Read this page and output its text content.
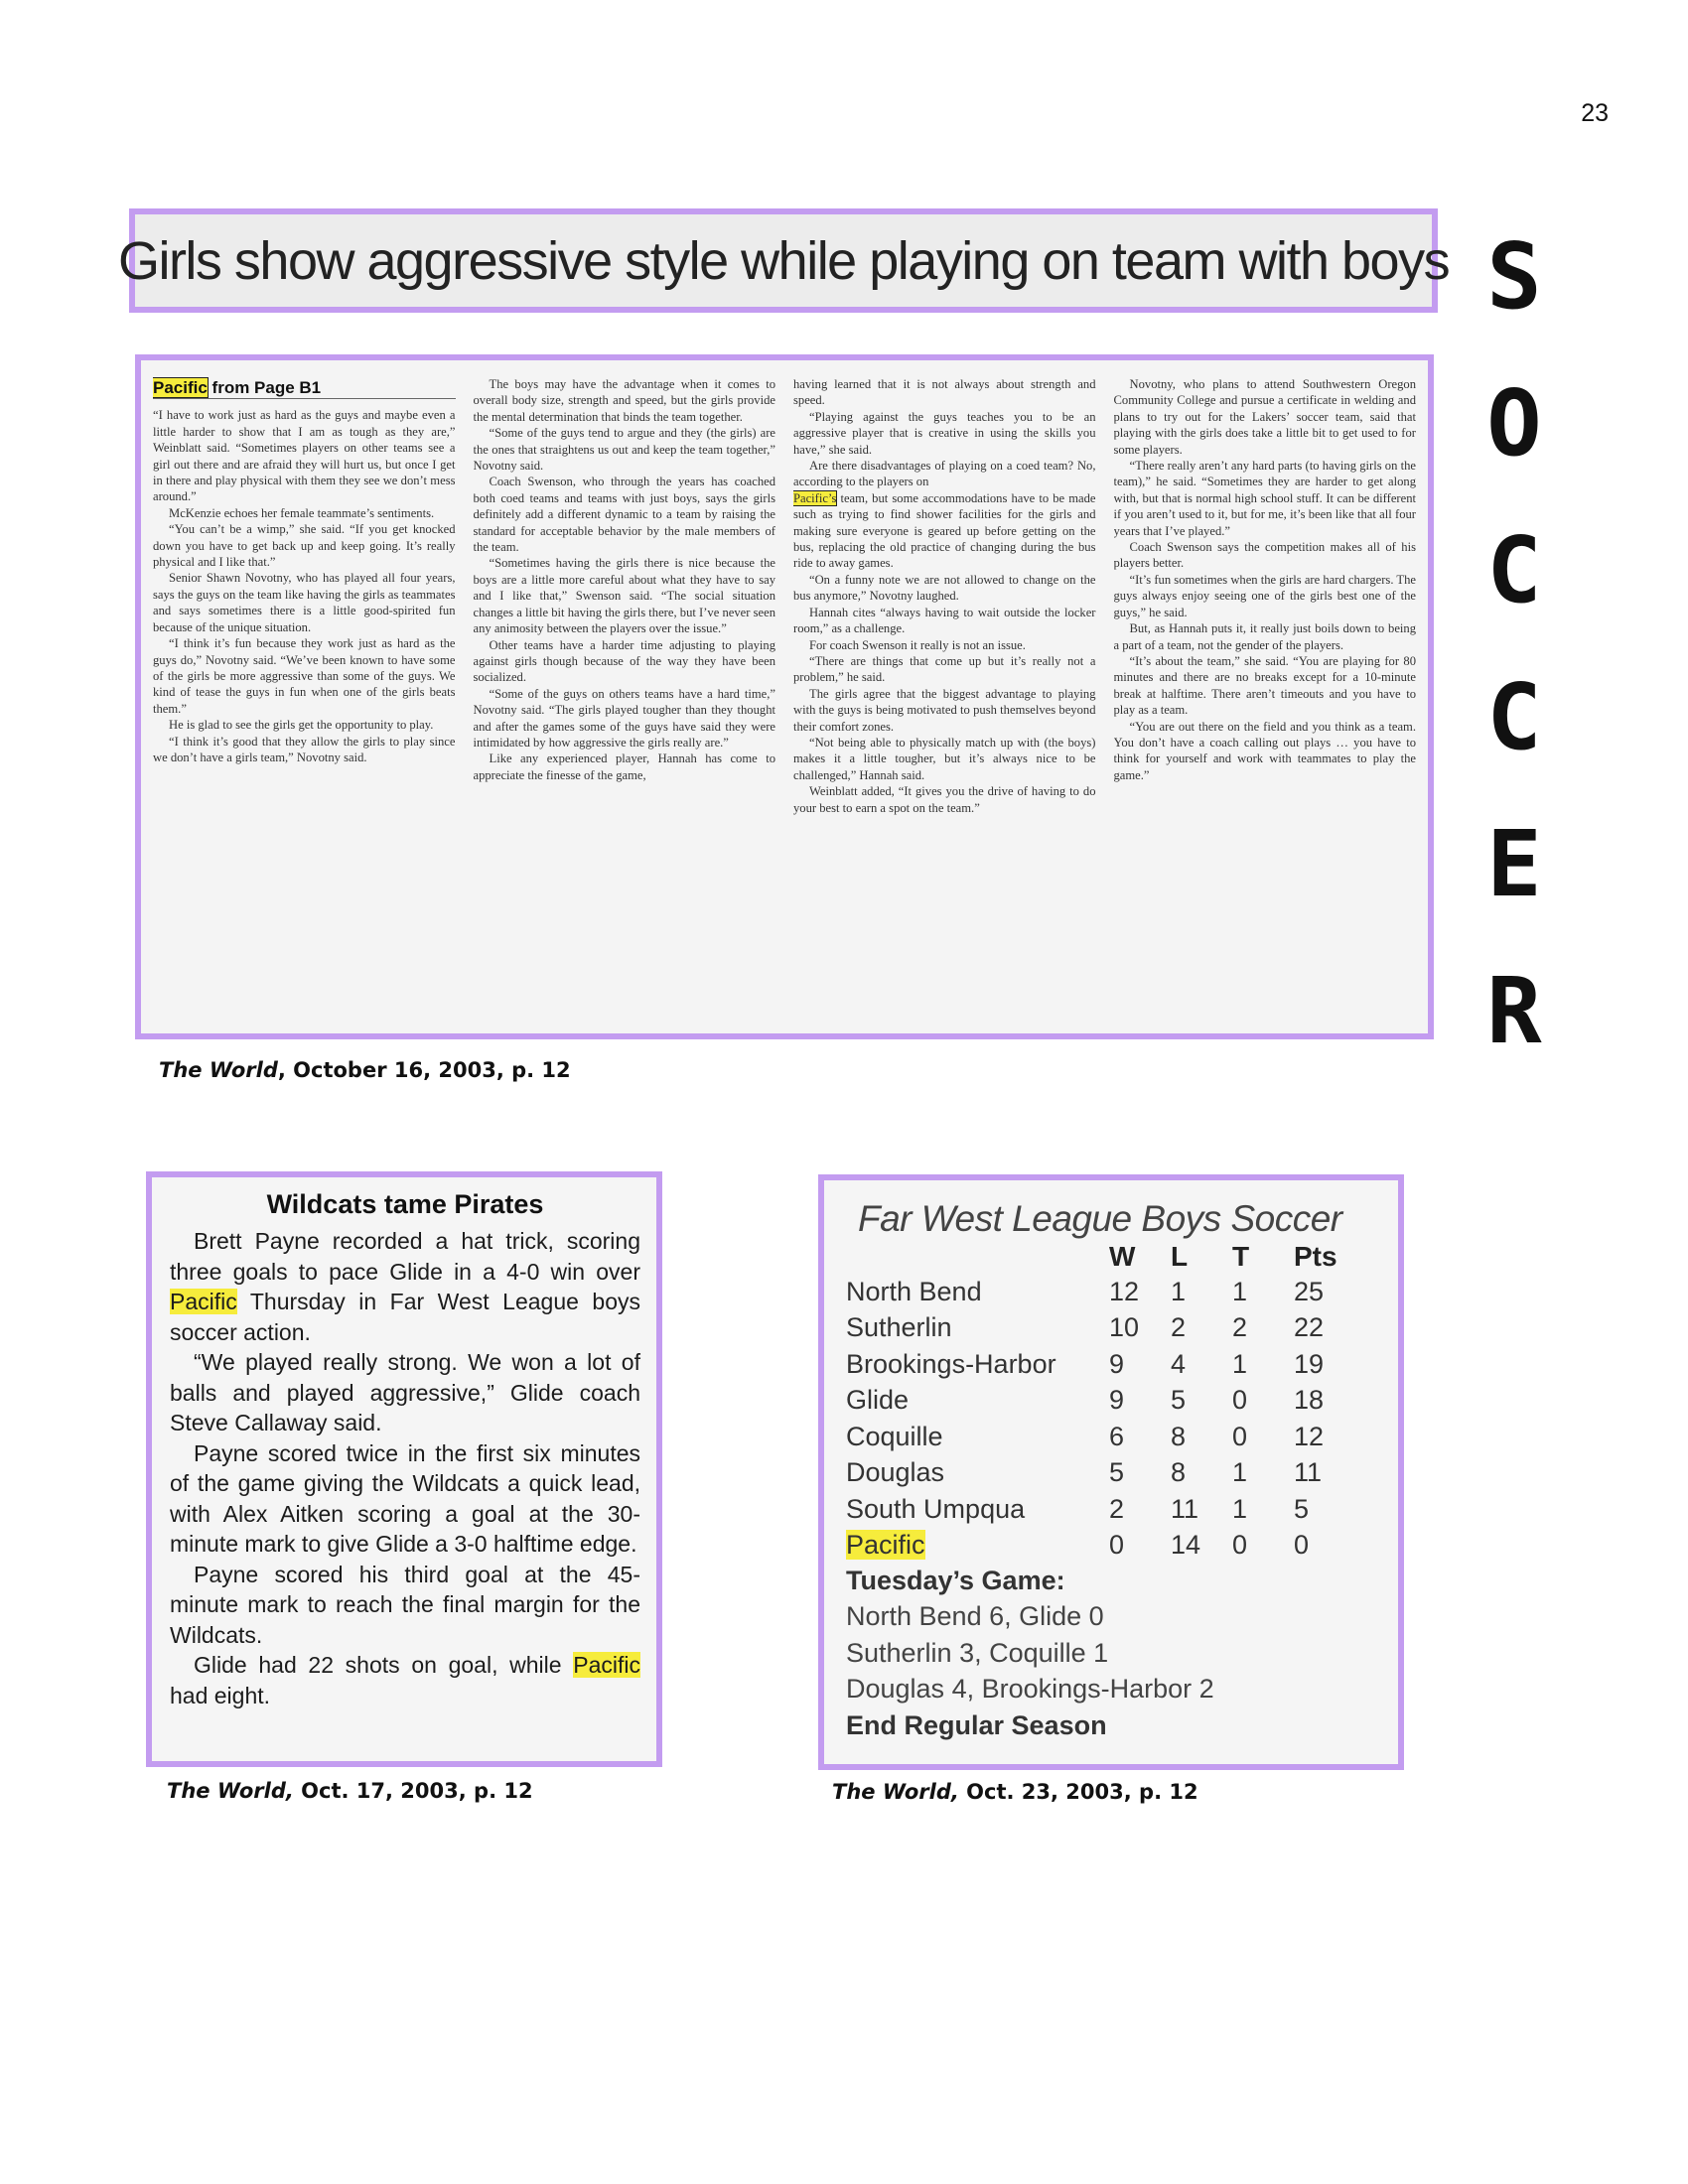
23
S
O
C
C
E
R
Girls show aggressive style while playing on team with boys
Pacific from Page B1

“I have to work just as hard as the guys and maybe even a little harder to show that I am as tough as they are,” Weinblatt said. “Sometimes players on other teams see a girl out there and are afraid they will hurt us, but once I get in there and play physical with them they see we don’t mess around.”

McKenzie echoes her female teammate’s sentiments.

“You can’t be a wimp,” she said. “If you get knocked down you have to get back up and keep going. It’s really physical and I like that.”

Senior Shawn Novotny, who has played all four years, says the guys on the team like having the girls as teammates and says sometimes there is a little good-spirited fun because of the unique situation.

“I think it’s fun because they work just as hard as the guys do,” Novotny said. “We’ve been known to have some of the girls be more aggressive than some of the guys. We kind of tease the guys in fun when one of the girls beats them.”

He is glad to see the girls get the opportunity to play.

“I think it’s good that they allow the girls to play since we don’t have a girls team,” Novotny said.

The boys may have the advantage when it comes to overall body size, strength and speed, but the girls provide the mental determination that binds the team together.

“Some of the guys tend to argue and they (the girls) are the ones that straightens us out and keep the team together,” Novotny said.

Coach Swenson, who through the years has coached both coed teams and teams with just boys, says the girls definitely add a different dynamic to a team by raising the standard for acceptable behavior by the male members of the team.

“Sometimes having the girls there is nice because the boys are a little more careful about what they have to say and I like that,” Swenson said. “The social situation changes a little bit having the girls there, but I’ve never seen any animosity between the players over the issue.”

Other teams have a harder time adjusting to playing against girls though because of the way they have been socialized.

“Some of the guys on others teams have a hard time,” Novotny said. “The girls played tougher than they thought and after the games some of the guys have said they were intimidated by how aggressive the girls really are.”

Like any experienced player, Hannah has come to appreciate the finesse of the game,

having learned that it is not always about strength and speed.

“Playing against the guys teaches you to be an aggressive player that is creative in using the skills you have,” she said.

Are there disadvantages of playing on a coed team? No, according to the players on

Pacific’s team, but some accommodations have to be made such as trying to find shower facilities for the girls and making sure everyone is geared up before getting on the bus, replacing the old practice of changing during the bus ride to away games.

“On a funny note we are not allowed to change on the bus anymore,” Novotny laughed.

Hannah cites “always having to wait outside the locker room,” as a challenge.

For coach Swenson it really is not an issue.

“There are things that come up but it’s really not a problem,” he said.

The girls agree that the biggest advantage to playing with the guys is being motivated to push themselves beyond their comfort zones.

“Not being able to physically match up with (the boys) makes it a little tougher, but it’s always nice to be challenged,” Hannah said.

Weinblatt added, “It gives you the drive of having to do your best to earn a spot on the team.”

Novotny, who plans to attend Southwestern Oregon Community College and pursue a certificate in welding and plans to try out for the Lakers’ soccer team, said that playing with the girls does take a little bit to get used to for some players.

“There really aren’t any hard parts (to having girls on the team),” he said. “Sometimes they are harder to get along with, but that is normal high school stuff. It can be different if you aren’t used to it, but for me, it’s been like that all four years that I’ve played.”

Coach Swenson says the competition makes all of his players better.

“It’s fun sometimes when the girls are hard chargers. The guys always enjoy seeing one of the girls best one of the guys,” he said.

But, as Hannah puts it, it really just boils down to being a part of a team, not the gender of the players.

“It’s about the team,” she said. “You are playing for 80 minutes and there are no breaks except for a 10-minute break at halftime. There aren’t timeouts and you have to play as a team.

“You are out there on the field and you think as a team. You don’t have a coach calling out plays … you have to think for yourself and work with teammates to play the game.”

The World, October 16, 2003, p. 12
Wildcats tame Pirates

Brett Payne recorded a hat trick, scoring three goals to pace Glide in a 4-0 win over Pacific Thursday in Far West League boys soccer action.

“We played really strong. We won a lot of balls and played aggressive,” Glide coach Steve Callaway said.

Payne scored twice in the first six minutes of the game giving the Wildcats a quick lead, with Alex Aitken scoring a goal at the 30-minute mark to give Glide a 3-0 halftime edge.

Payne scored his third goal at the 45-minute mark to reach the final margin for the Wildcats.

Glide had 22 shots on goal, while Pacific had eight.

The World, Oct. 17, 2003, p. 12
Far West League Boys Soccer
	W	L	T	Pts
North Bend	12	1	1	25
Sutherlin	10	2	2	22
Brookings-Harbor	9	4	1	19
Glide	9	5	0	18
Coquille	6	8	0	12
Douglas	5	8	1	11
South Umpqua	2	11	1	5
Pacific	0	14	0	0
Tuesday’s Game:
North Bend 6, Glide 0
Sutherlin 3, Coquille 1
Douglas 4, Brookings-Harbor 2
End Regular Season
The World, Oct. 23, 2003, p. 12
